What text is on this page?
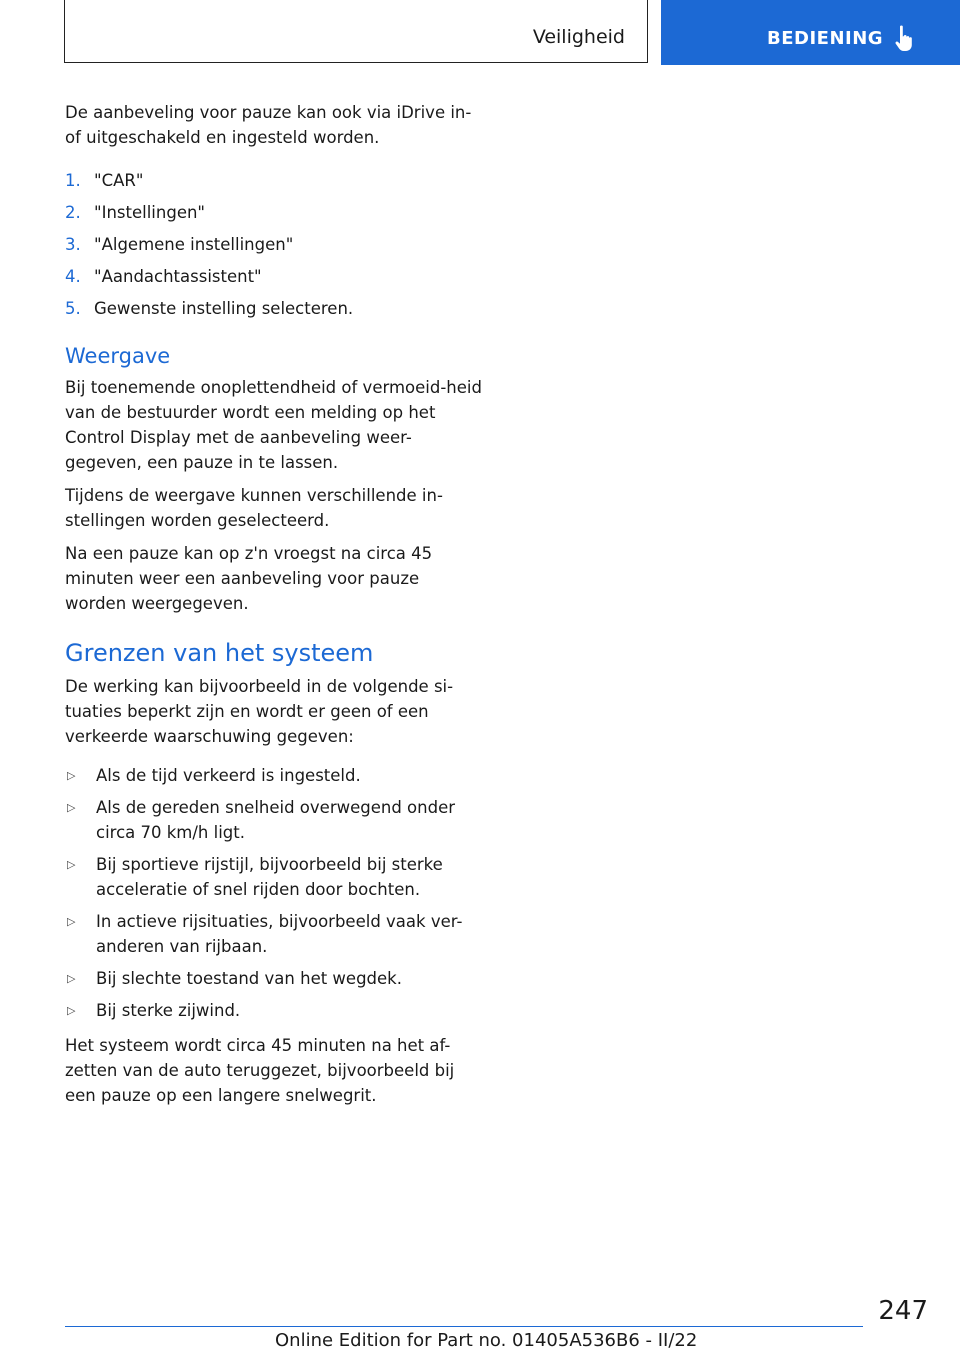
Veiligheid	BEDIENING

De aanbeveling voor pauze kan ook via iDrive in- of uitgeschakeld en ingesteld worden.

1. "CAR"
2. "Instellingen"
3. "Algemene instellingen"
4. "Aandachtassistent"
5. Gewenste instelling selecteren.
Weergave

Bij toenemende onoplettendheid of vermoeid-heid van de bestuurder wordt een melding op het Control Display met de aanbeveling weer-gegeven, een pauze in te lassen.

Tijdens de weergave kunnen verschillende in-stellingen worden geselecteerd.

Na een pauze kan op z'n vroegst na circa 45 minuten weer een aanbeveling voor pauze worden weergegeven.

Grenzen van het systeem

De werking kan bijvoorbeeld in de volgende si-tuaties beperkt zijn en wordt er geen of een verkeerde waarschuwing gegeven:

▷	Als de tijd verkeerd is ingesteld.
▷	Als de gereden snelheid overwegend onder circa 70 km/h ligt.
▷	Bij sportieve rijstijl, bijvoorbeeld bij sterke acceleratie of snel rijden door bochten.
▷	In actieve rijsituaties, bijvoorbeeld vaak ver-anderen van rijbaan.
▷	Bij slechte toestand van het wegdek.
▷	Bij sterke zijwind.

Het systeem wordt circa 45 minuten na het af-zetten van de auto teruggezet, bijvoorbeeld bij een pauze op een langere snelwegrit.

247
Online Edition for Part no. 01405A536B6 - II/22
